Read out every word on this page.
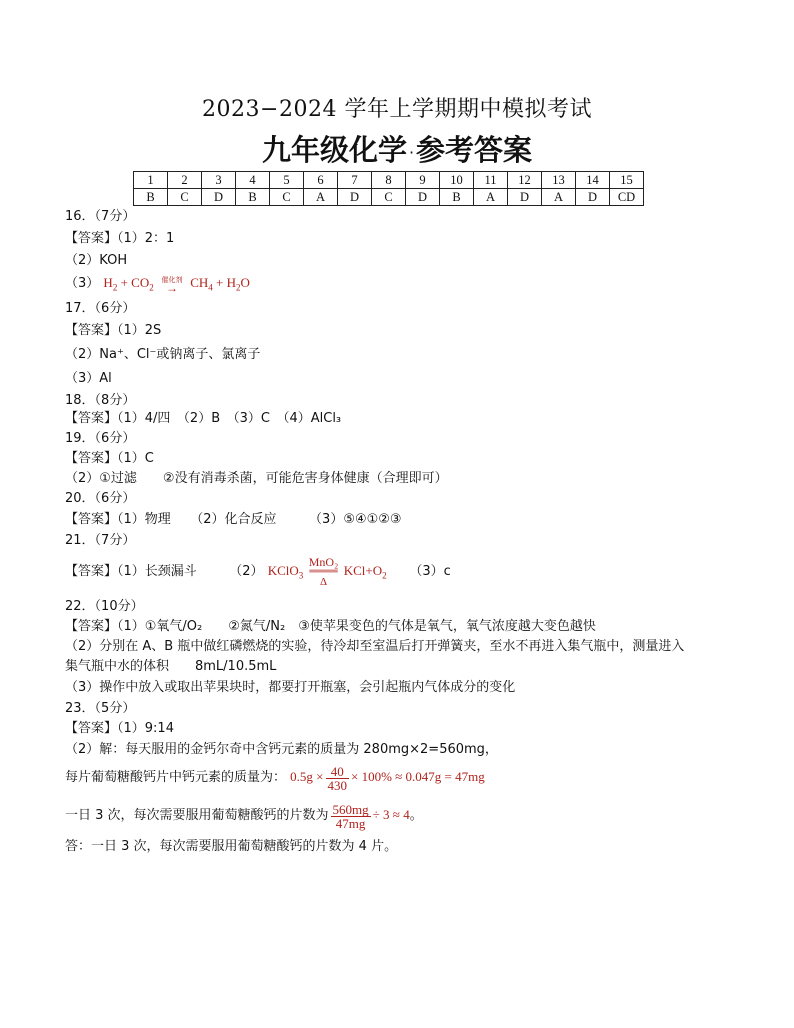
2023−2024 学年上学期期中模拟考试
九年级化学 ·参考答案
1	2	3	4	5	6	7	8	9	10	11	12	13	14	15
B	C	D	B	C	A	D	C	D	B	A	D	A	D	CD
16．（7分）
【答案】（1）2：1
（2）KOH
（3） $H_2 + CO_2$
催化剂
→ $CH_4 + H_2O$
17．（6分）
【答案】（1）2S
（2）Na⁺、Cl⁻或钠离子、氯离子
（3）Al
18．（8分）
【答案】（1）4/四　（2）B　（3）C　（4）AlCl₃
19．（6分）
【答案】（1）C
（2）①过滤　　②没有消毒杀菌，可能危害身体健康（合理即可）
20．（6分）
【答案】（1）物理　　（2）化合反应　　　（3）⑤④①②③
21．（7分）
【答案】（1）长颈漏斗　　　（2） KClO$_3$
MnO₂
════
Δ
$KCl+O_2$ 　　（3）c
22．（10分）
【答案】（1）①氧气/O₂　　②氮气/N₂　③使苹果变色的气体是氧气，氧气浓度越大变色越快
（2）分别在 A、B 瓶中做红磷燃烧的实验，待冷却至室温后打开弹簧夹，至水不再进入集气瓶中，测量进入
集气瓶中水的体积　　8mL/10.5mL
（3）操作中放入或取出苹果块时，都要打开瓶塞，会引起瓶内气体成分的变化
23．（5分）
【答案】（1）9:14
（2）解：每天服用的金钙尔奇中含钙元素的质量为 280mg×2=560mg，
每片葡萄糖酸钙片中钙元素的质量为： $0.5g \times \frac{40}{430} \times 100\% \approx 0.047g = 47mg$
一日 3 次，每次需要服用葡萄糖酸钙的片数为 $\frac{560mg}{47mg} \div 3 \approx 4$。
答：一日 3 次，每次需要服用葡萄糖酸钙的片数为 4 片。
